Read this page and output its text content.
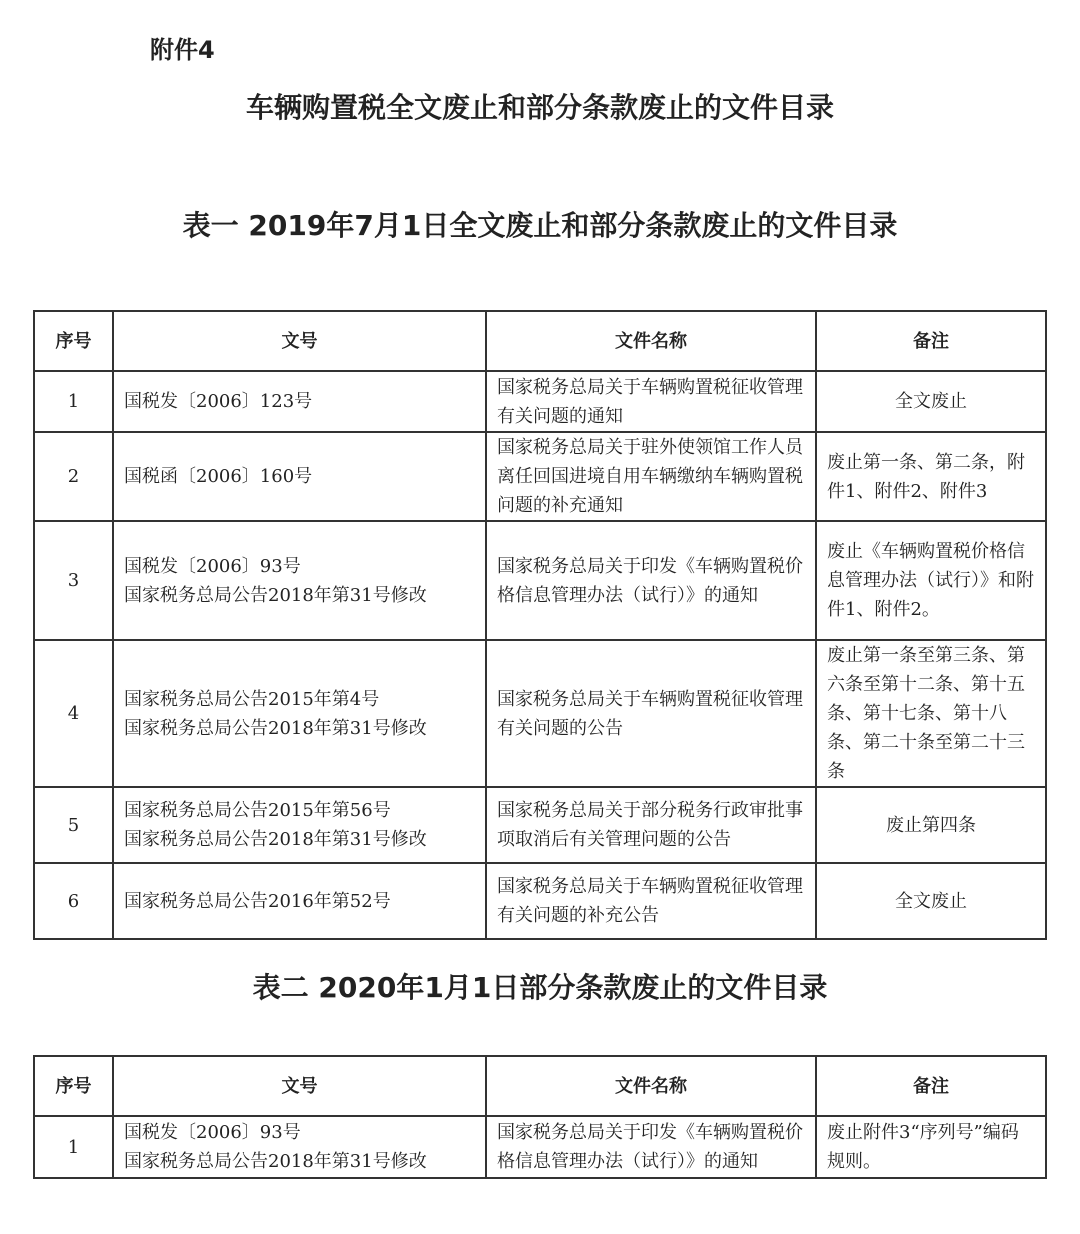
附件4
车辆购置税全文废止和部分条款废止的文件目录
表一 2019年7月1日全文废止和部分条款废止的文件目录
序号	文号	文件名称	备注
1	国税发〔2006〕123号	国家税务总局关于车辆购置税征收管理有关问题的通知	全文废止
2	国税函〔2006〕160号	国家税务总局关于驻外使领馆工作人员离任回国进境自用车辆缴纳车辆购置税问题的补充通知	废止第一条、第二条，附件1、附件2、附件3
3	国税发〔2006〕93号
国家税务总局公告2018年第31号修改	国家税务总局关于印发《车辆购置税价格信息管理办法（试行）》的通知	废止《车辆购置税价格信息管理办法（试行）》和附件1、附件2。
4	国家税务总局公告2015年第4号
国家税务总局公告2018年第31号修改	国家税务总局关于车辆购置税征收管理有关问题的公告	废止第一条至第三条、第六条至第十二条、第十五条、第十七条、第十八条、第二十条至第二十三条
5	国家税务总局公告2015年第56号
国家税务总局公告2018年第31号修改	国家税务总局关于部分税务行政审批事项取消后有关管理问题的公告	废止第四条
6	国家税务总局公告2016年第52号	国家税务总局关于车辆购置税征收管理有关问题的补充公告	全文废止
表二 2020年1月1日部分条款废止的文件目录
序号	文号	文件名称	备注
1	国税发〔2006〕93号
国家税务总局公告2018年第31号修改	国家税务总局关于印发《车辆购置税价格信息管理办法（试行）》的通知	废止附件3“序列号”编码规则。
